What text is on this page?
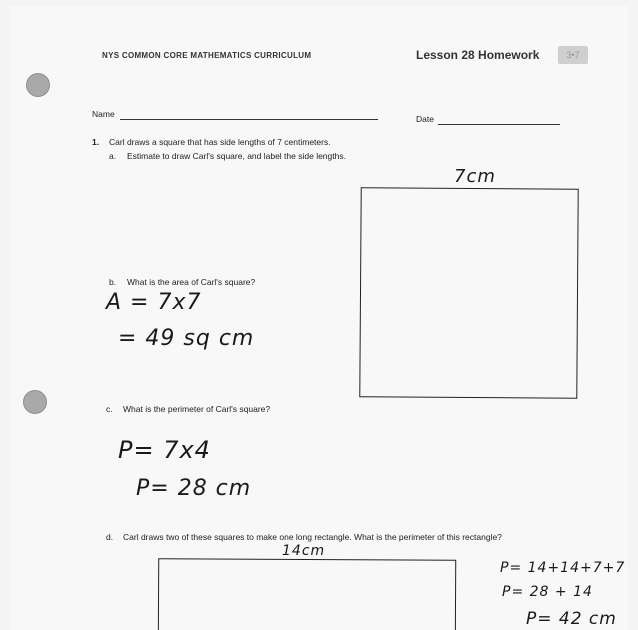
NYS COMMON CORE MATHEMATICS CURRICULUM	Lesson 28 Homework	3•7
Name	Date
1. Carl draws a square that has side lengths of 7 centimeters.
a. Estimate to draw Carl's square, and label the side lengths.
7cm
b. What is the area of Carl's square?
A = 7x7
= 49 sq cm
c. What is the perimeter of Carl's square?
P= 7x4
P= 28 cm
d. Carl draws two of these squares to make one long rectangle. What is the perimeter of this rectangle?
14cm
P= 14+14+7+7
P= 28 + 14
P= 42 cm
